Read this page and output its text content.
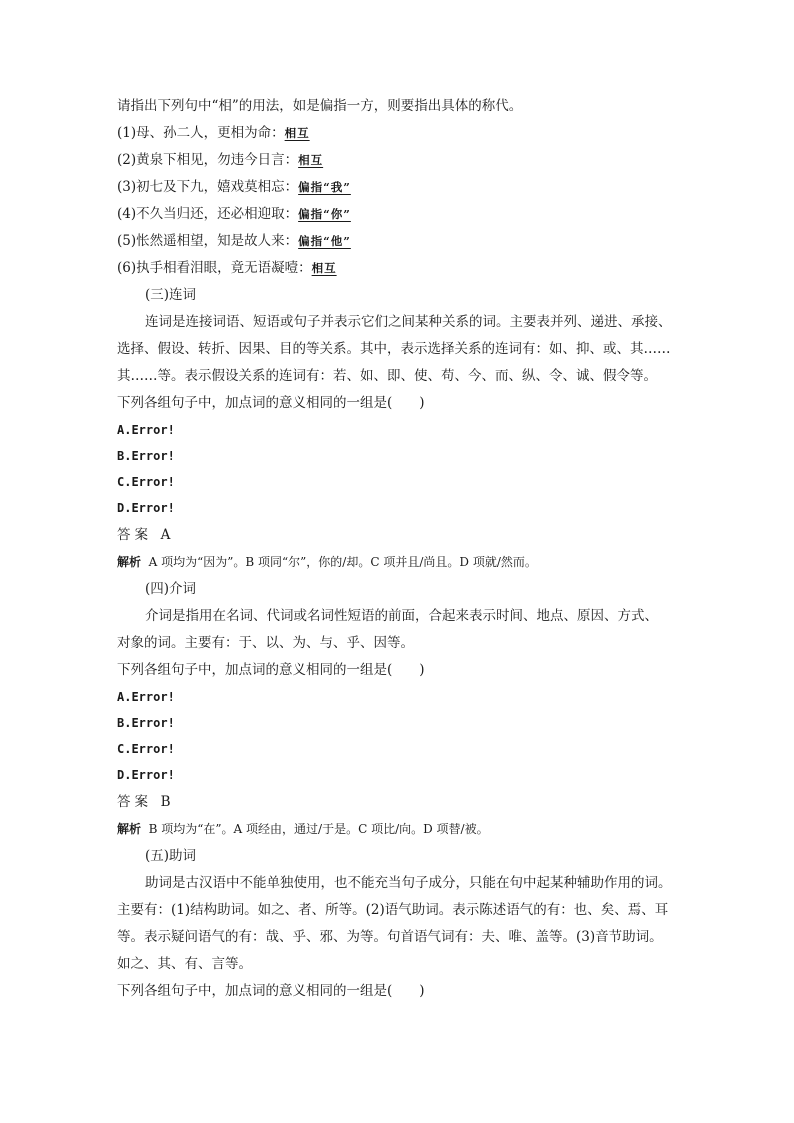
请指出下列句中“相”的用法，如是偏指一方，则要指出具体的称代。
(1)母、孙二人，更相为命：相互
(2)黄泉下相见，勿违今日言：相互
(3)初七及下九，嬉戏莫相忘：偏指“我”
(4)不久当归还，还必相迎取：偏指“你”
(5)怅然遥相望，知是故人来：偏指“他”
(6)执手相看泪眼，竟无语凝噎：相互
(三)连词
连词是连接词语、短语或句子并表示它们之间某种关系的词。主要表并列、递进、承接、
选择、假设、转折、因果、目的等关系。其中，表示选择关系的连词有：如、抑、或、其……
其……等。表示假设关系的连词有：若、如、即、使、苟、今、而、纵、令、诚、假令等。
下列各组句子中，加点词的意义相同的一组是(　　)
A.Error!
B.Error!
C.Error!
D.Error!
答案 A
解析 A 项均为“因为”。B 项同“尔”，你的/却。C 项并且/尚且。D 项就/然而。
(四)介词
介词是指用在名词、代词或名词性短语的前面，合起来表示时间、地点、原因、方式、
对象的词。主要有：于、以、为、与、乎、因等。
下列各组句子中，加点词的意义相同的一组是(　　)
A.Error!
B.Error!
C.Error!
D.Error!
答案 B
解析 B 项均为“在”。A 项经由，通过/于是。C 项比/向。D 项替/被。
(五)助词
助词是古汉语中不能单独使用，也不能充当句子成分，只能在句中起某种辅助作用的词。
主要有：(1)结构助词。如之、者、所等。(2)语气助词。表示陈述语气的有：也、矣、焉、耳
等。表示疑问语气的有：哉、乎、邪、为等。句首语气词有：夫、唯、盖等。(3)音节助词。
如之、其、有、言等。
下列各组句子中，加点词的意义相同的一组是(　　)
